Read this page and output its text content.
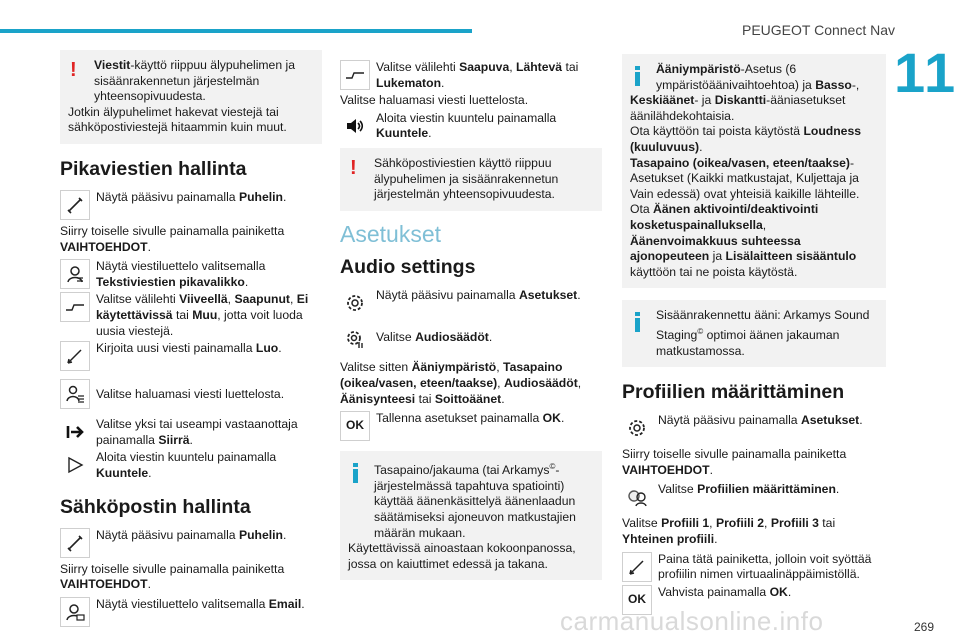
PEUGEOT Connect Nav
11
!	Viestit-käyttö riippuu älypuhelimen ja sisäänrakennetun järjestelmän yhteensopivuudesta.
Jotkin älypuhelimet hakevat viestejä tai sähköpostiviestejä hitaammin kuin muut.
Pikaviestien hallinta
Näytä pääsivu painamalla Puhelin.

Siirry toiselle sivulle painamalla painiketta VAIHTOEHDOT.

Näytä viestiluettelo valitsemalla Tekstiviestien pikavalikko.
Valitse välilehti Viiveellä, Saapunut, Ei käytettävissä tai Muu, jotta voit luoda uusia viestejä.
Kirjoita uusi viesti painamalla Luo.
Valitse haluamasi viesti luettelosta.
Valitse yksi tai useampi vastaanottaja painamalla Siirrä.
Aloita viestin kuuntelu painamalla Kuuntele.
Sähköpostin hallinta
Näytä pääsivu painamalla Puhelin.

Siirry toiselle sivulle painamalla painiketta VAIHTOEHDOT.

Näytä viestiluettelo valitsemalla Email.
Valitse välilehti Saapuva, Lähtevä tai Lukematon.

Valitse haluamasi viesti luettelosta.

Aloita viestin kuuntelu painamalla Kuuntele.
!	Sähköpostiviestien käyttö riippuu älypuhelimen ja sisäänrakennetun järjestelmän yhteensopivuudesta.
Asetukset
Audio settings
Näytä pääsivu painamalla Asetukset.
Valitse Audiosäädöt.

Valitse sitten Ääniympäristö, Tasapaino (oikea/vasen, eteen/taakse), Audiosäädöt, Äänisynteesi tai Soittoäänet.

OK
Tallenna asetukset painamalla OK.
Tasapaino/jakauma (tai Arkamys©-järjestelmässä tapahtuva spatiointi) käyttää äänenkäsittelyä äänenlaadun säätämiseksi ajoneuvon matkustajien määrän mukaan.
Käytettävissä ainoastaan kokoonpanossa, jossa on kaiuttimet edessä ja takana.
Ääniympäristö-Asetus (6 ympäristöäänivaihtoehtoa) ja Basso-,
Keskiäänet- ja Diskantti-ääniasetukset äänilähdekohtaisia.
Ota käyttöön tai poista käytöstä Loudness (kuuluvuus).
Tasapaino (oikea/vasen, eteen/taakse)-Asetukset (Kaikki matkustajat, Kuljettaja ja Vain edessä) ovat yhteisiä kaikille lähteille.
Ota Äänen aktivointi/deaktivointi kosketuspainalluksella, Äänenvoimakkuus suhteessa ajonopeuteen ja Lisälaitteen sisääntulo käyttöön tai ne poista käytöstä.
Sisäänrakennettu ääni: Arkamys Sound Staging© optimoi äänen jakauman matkustamossa.
Profiilien määrittäminen
Näytä pääsivu painamalla Asetukset.

Siirry toiselle sivulle painamalla painiketta VAIHTOEHDOT.

Valitse Profiilien määrittäminen.

Valitse Profiili 1, Profiili 2, Profiili 3 tai Yhteinen profiili.

Paina tätä painiketta, jolloin voit syöttää profiilin nimen virtuaalinäppäimistöllä.
OK
Vahvista painamalla OK.
carmanualsonline.info	269
